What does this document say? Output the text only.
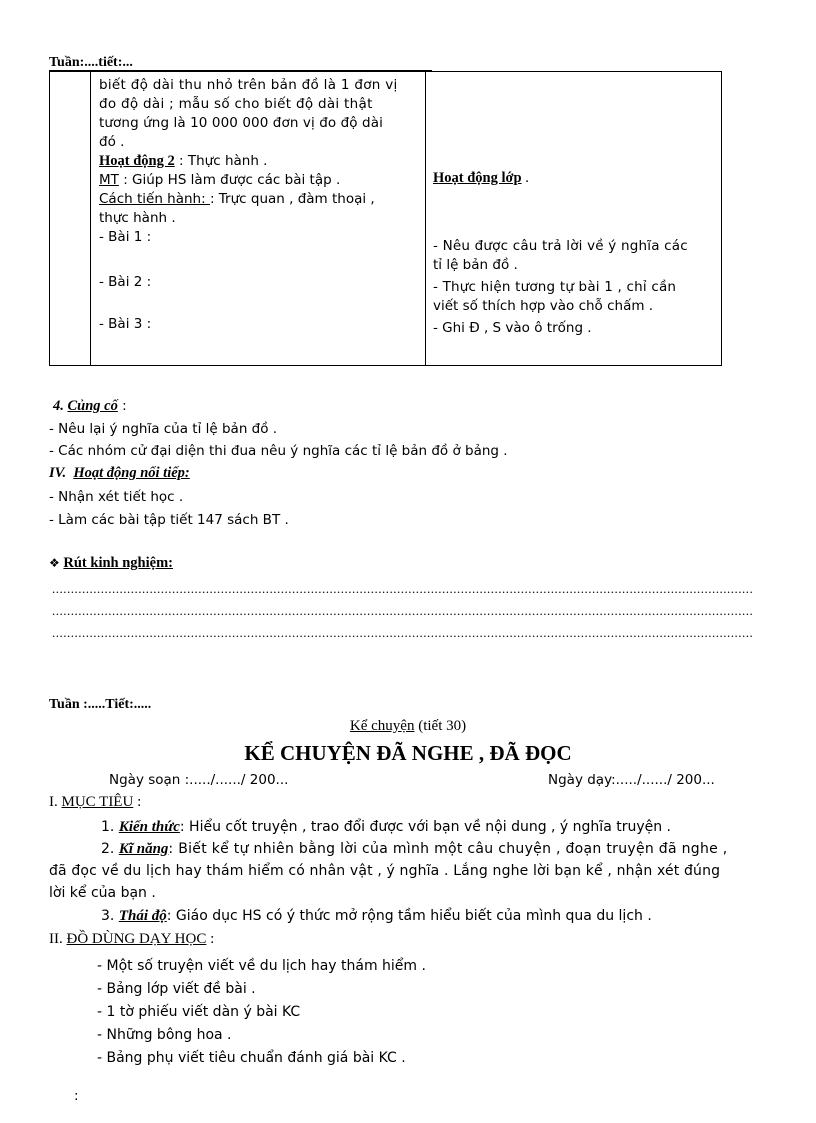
Tuần:....tiết:...
biết độ dài thu nhỏ trên bản đồ là 1 đơn vị
đo độ dài ; mẫu số cho biết độ dài thật
tương ứng là 10 000 000 đơn vị đo độ dài
đó .
Hoạt động 2 : Thực hành .
MT : Giúp HS làm được các bài tập .
Cách tiến hành: : Trực quan , đàm thoại ,
thực hành .
- Bài 1 :
- Bài 2 :
- Bài 3 :
Hoạt động lớp .
- Nêu được câu trả lời về ý nghĩa các
tỉ lệ bản đồ .
- Thực hiện tương tự bài 1 , chỉ cần
viết số thích hợp vào chỗ chấm .
- Ghi Đ , S vào ô trống .
4. Củng cố :
- Nêu lại ý nghĩa của tỉ lệ bản đồ .
- Các nhóm cử đại diện thi đua nêu ý nghĩa các tỉ lệ bản đồ ở bảng .
IV. Hoạt động nối tiếp:
- Nhận xét tiết học .
- Làm các bài tập tiết 147 sách BT .
❖ Rút kinh nghiệm:
...........................................................................................................................................................................................
...........................................................................................................................................................................................
...........................................................................................................................................................................................
Tuần :.....Tiết:.....
Kể chuyện (tiết 30)
KỂ CHUYỆN ĐÃ NGHE , ĐÃ ĐỌC
Ngày soạn :...../....../ 200...	Ngày dạy:...../....../ 200...
I. MỤC TIÊU :
1. Kiến thức: Hiểu cốt truyện , trao đổi được với bạn về nội dung , ý nghĩa truyện .
2. Kĩ năng: Biết kể tự nhiên bằng lời của mình một câu chuyện , đoạn truyện đã nghe ,
đã đọc về du lịch hay thám hiểm có nhân vật , ý nghĩa . Lắng nghe lời bạn kể , nhận xét đúng
lời kể của bạn .
3. Thái độ: Giáo dục HS có ý thức mở rộng tầm hiểu biết của mình qua du lịch .
II. ĐỒ DÙNG DẠY HỌC :
- Một số truyện viết về du lịch hay thám hiểm .
- Bảng lớp viết đề bài .
- 1 tờ phiếu viết dàn ý bài KC
- Những bông hoa .
- Bảng phụ viết tiêu chuẩn đánh giá bài KC .
:
